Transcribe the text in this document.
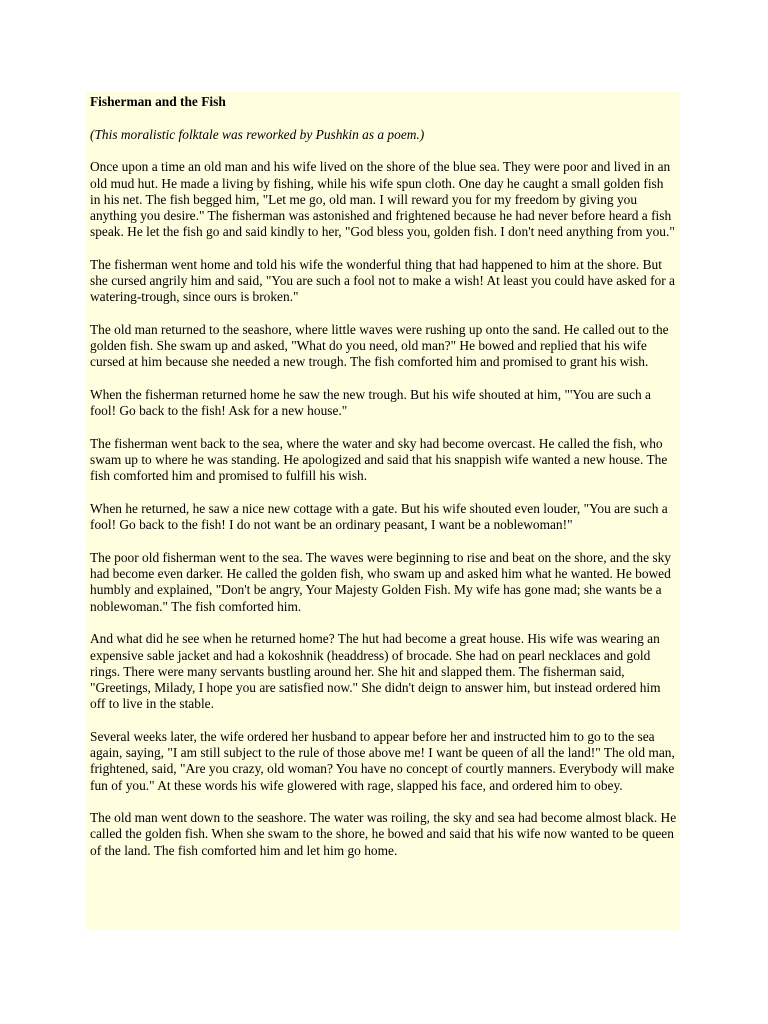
Fisherman and the Fish
(This moralistic folktale was reworked by Pushkin as a poem.)

Once upon a time an old man and his wife lived on the shore of the blue sea. They were poor and lived in an old mud hut. He made a living by fishing, while his wife spun cloth. One day he caught a small golden fish in his net. The fish begged him, "Let me go, old man. I will reward you for my freedom by giving you anything you desire." The fisherman was astonished and frightened because he had never before heard a fish speak. He let the fish go and said kindly to her, "God bless you, golden fish. I don't need anything from you."

The fisherman went home and told his wife the wonderful thing that had happened to him at the shore. But she cursed angrily him and said, "You are such a fool not to make a wish! At least you could have asked for a watering-trough, since ours is broken."

The old man returned to the seashore, where little waves were rushing up onto the sand. He called out to the golden fish. She swam up and asked, "What do you need, old man?" He bowed and replied that his wife cursed at him because she needed a new trough. The fish comforted him and promised to grant his wish.

When the fisherman returned home he saw the new trough. But his wife shouted at him, "'You are such a fool! Go back to the fish! Ask for a new house."

The fisherman went back to the sea, where the water and sky had become overcast. He called the fish, who swam up to where he was standing. He apologized and said that his snappish wife wanted a new house. The fish comforted him and promised to fulfill his wish.

When he returned, he saw a nice new cottage with a gate. But his wife shouted even louder, "You are such a fool! Go back to the fish! I do not want be an ordinary peasant, I want be a noblewoman!"

The poor old fisherman went to the sea. The waves were beginning to rise and beat on the shore, and the sky had become even darker. He called the golden fish, who swam up and asked him what he wanted. He bowed humbly and explained, "Don't be angry, Your Majesty Golden Fish. My wife has gone mad; she wants be a noblewoman." The fish comforted him.

And what did he see when he returned home? The hut had become a great house. His wife was wearing an expensive sable jacket and had a kokoshnik (headdress) of brocade. She had on pearl necklaces and gold rings. There were many servants bustling around her. She hit and slapped them. The fisherman said, "Greetings, Milady, I hope you are satisfied now." She didn't deign to answer him, but instead ordered him off to live in the stable.

Several weeks later, the wife ordered her husband to appear before her and instructed him to go to the sea again, saying, "I am still subject to the rule of those above me! I want be queen of all the land!" The old man, frightened, said, "Are you crazy, old woman? You have no concept of courtly manners. Everybody will make fun of you." At these words his wife glowered with rage, slapped his face, and ordered him to obey.

The old man went down to the seashore. The water was roiling, the sky and sea had become almost black. He called the golden fish. When she swam to the shore, he bowed and said that his wife now wanted to be queen of the land. The fish comforted him and let him go home.
